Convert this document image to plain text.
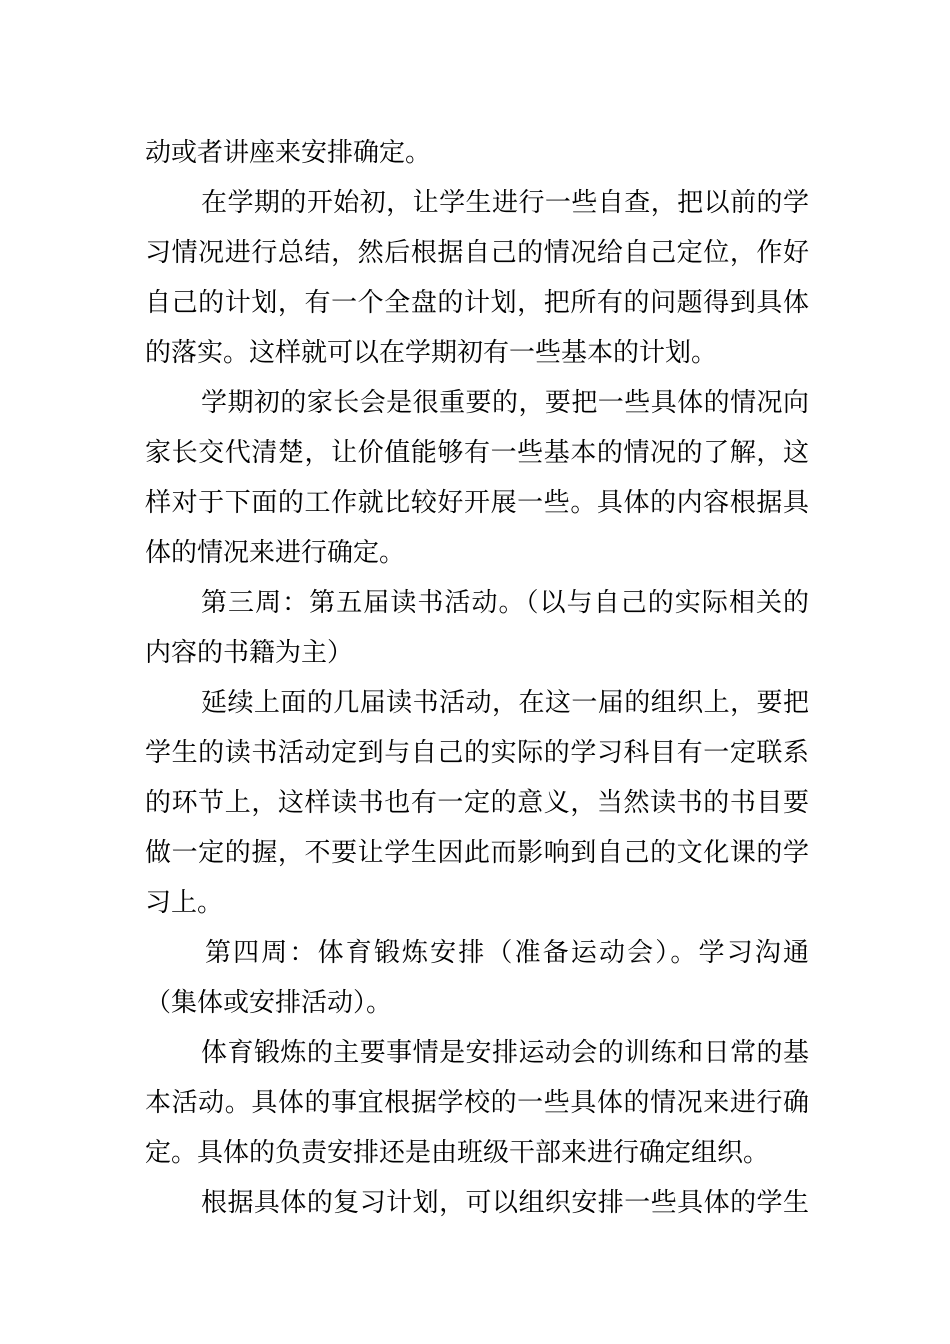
动或者讲座来安排确定。
在学期的开始初，让学生进行一些自查，把以前的学
习情况进行总结，然后根据自己的情况给自己定位，作好
自己的计划，有一个全盘的计划，把所有的问题得到具体
的落实。这样就可以在学期初有一些基本的计划。
学期初的家长会是很重要的，要把一些具体的情况向
家长交代清楚，让价值能够有一些基本的情况的了解，这
样对于下面的工作就比较好开展一些。具体的内容根据具
体的情况来进行确定。
第三周：第五届读书活动。（以与自己的实际相关的
内容的书籍为主）
延续上面的几届读书活动，在这一届的组织上，要把
学生的读书活动定到与自己的实际的学习科目有一定联系
的环节上，这样读书也有一定的意义，当然读书的书目要
做一定的握，不要让学生因此而影响到自己的文化课的学
习上。
第四周：体育锻炼安排（准备运动会）。学习沟通
（集体或安排活动）。
体育锻炼的主要事情是安排运动会的训练和日常的基
本活动。具体的事宜根据学校的一些具体的情况来进行确
定。具体的负责安排还是由班级干部来进行确定组织。
根据具体的复习计划，可以组织安排一些具体的学生
